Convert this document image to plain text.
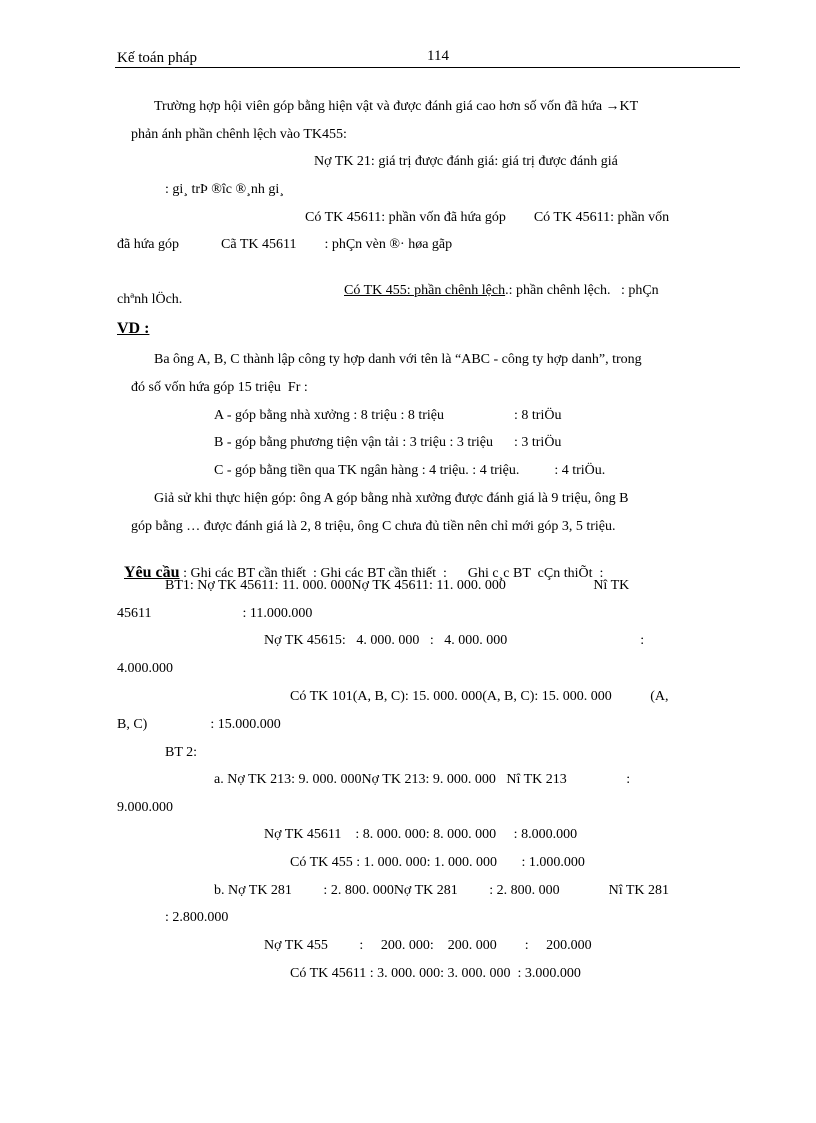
Kế toán pháp	114
Trường hợp hội viên góp bằng hiện vật và được đánh giá cao hơn số vốn đã hứa →KT
phản ánh phần chênh lệch vào TK455:
Nợ TK 21: giá trị được đánh giá: giá trị được đánh giá
: gi¸ trÞ ®îc ®¸nh gi¸
Có TK 45611: phần vốn đã hứa góp        Có TK 45611: phần vốn
đã hứa góp            Cã TK 45611        : phÇn vèn ®· høa gãp

Có TK 455: phần chênh lệch.: phần chênh lệch.   : phÇn

chªnh lÖch.
VD :
Ba ông A, B, C thành lập công ty hợp danh với tên là “ABC - công ty hợp danh”, trong
đó số vốn hứa góp 15 triệu  Fr :
A - góp bằng nhà xưởng : 8 triệu : 8 triệu                    : 8 triÖu
B - góp bằng phương tiện vận tải : 3 triệu : 3 triệu      : 3 triÖu
C - góp bằng tiền qua TK ngân hàng : 4 triệu. : 4 triệu.          : 4 triÖu.
Giả sử khi thực hiện góp: ông A góp bằng nhà xưởng được đánh giá là 9 triệu, ông B
góp bằng … được đánh giá là 2, 8 triệu, ông C chưa đủ tiền nên chỉ mới góp 3, 5 triệu.

Yêu cầu : Ghi các BT cần thiết  : Ghi các BT cần thiết  :      Ghi c¸c BT  cÇn thiÕt  :

BT1: Nợ TK 45611: 11. 000. 000Nợ TK 45611: 11. 000. 000                         Nî TK
45611                          : 11.000.000
Nợ TK 45615:   4. 000. 000   :   4. 000. 000                                      :
4.000.000
Có TK 101(A, B, C): 15. 000. 000(A, B, C): 15. 000. 000           (A,
B, C)                  : 15.000.000
BT 2:
a. Nợ TK 213: 9. 000. 000Nợ TK 213: 9. 000. 000   Nî TK 213                 :
9.000.000
Nợ TK 45611    : 8. 000. 000: 8. 000. 000     : 8.000.000
Có TK 455 : 1. 000. 000: 1. 000. 000       : 1.000.000
b. Nợ TK 281         : 2. 800. 000Nợ TK 281         : 2. 800. 000              Nî TK 281
: 2.800.000
Nợ TK 455         :     200. 000:    200. 000        :     200.000
Có TK 45611 : 3. 000. 000: 3. 000. 000  : 3.000.000
